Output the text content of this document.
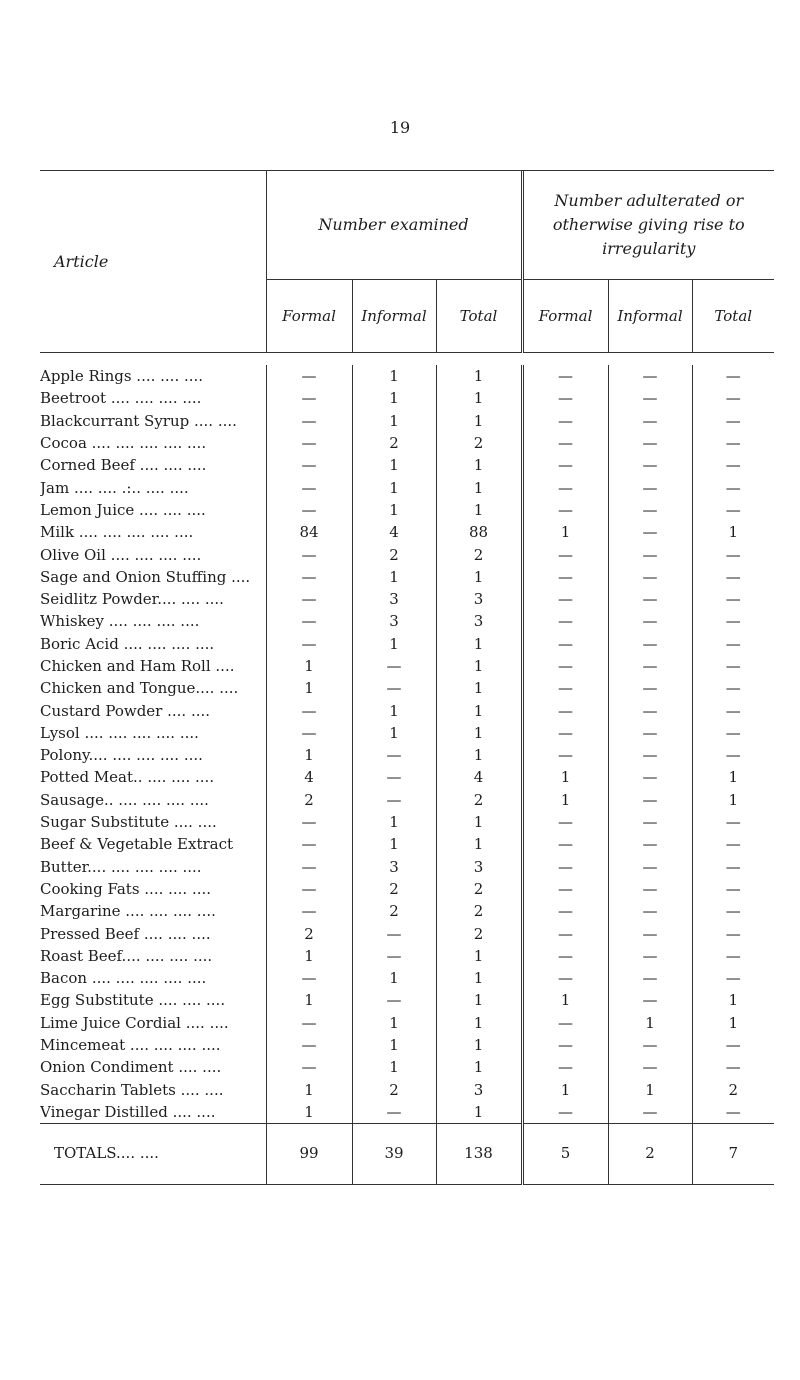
19

Article	Number examined			Number adulterated or
otherwise giving rise to
irregularity		

	Formal	Informal	Total	Formal	Informal	Total

Apple Rings .... .... ....	—	1	1	—	—	—
Beetroot .... .... .... ....	—	1	1	—	—	—
Blackcurrant Syrup .... ....	—	1	1	—	—	—
Cocoa .... .... .... .... ....	—	2	2	—	—	—
Corned Beef .... .... ....	—	1	1	—	—	—
Jam .... .... .:.. .... ....	—	1	1	—	—	—
Lemon Juice .... .... ....	—	1	1	—	—	—
Milk .... .... .... .... ....	84	4	88	1	—	1
Olive Oil .... .... .... ....	—	2	2	—	—	—
Sage and Onion Stuffing ....	—	1	1	—	—	—
Seidlitz Powder.... .... ....	—	3	3	—	—	—
Whiskey .... .... .... ....	—	3	3	—	—	—
Boric Acid .... .... .... ....	—	1	1	—	—	—
Chicken and Ham Roll ....	1	—	1	—	—	—
Chicken and Tongue.... ....	1	—	1	—	—	—
Custard Powder .... ....	—	1	1	—	—	—
Lysol .... .... .... .... ....	—	1	1	—	—	—
Polony.... .... .... .... ....	1	—	1	—	—	—
Potted Meat.. .... .... ....	4	—	4	1	—	1
Sausage.. .... .... .... ....	2	—	2	1	—	1
Sugar Substitute .... ....	—	1	1	—	—	—
Beef & Vegetable Extract	—	1	1	—	—	—
Butter.... .... .... .... ....	—	3	3	—	—	—
Cooking Fats .... .... ....	—	2	2	—	—	—
Margarine .... .... .... ....	—	2	2	—	—	—
Pressed Beef .... .... ....	2	—	2	—	—	—
Roast Beef.... .... .... ....	1	—	1	—	—	—
Bacon .... .... .... .... ....	—	1	1	—	—	—
Egg Substitute .... .... ....	1	—	1	1	—	1
Lime Juice Cordial .... ....	—	1	1	—	1	1
Mincemeat .... .... .... ....	—	1	1	—	—	—
Onion Condiment .... ....	—	1	1	—	—	—
Saccharin Tablets .... ....	1	2	3	1	1	2
Vinegar Distilled .... ....	1	—	1	—	—	—

TOTALS.... ....	99	39	138	5	2	7
